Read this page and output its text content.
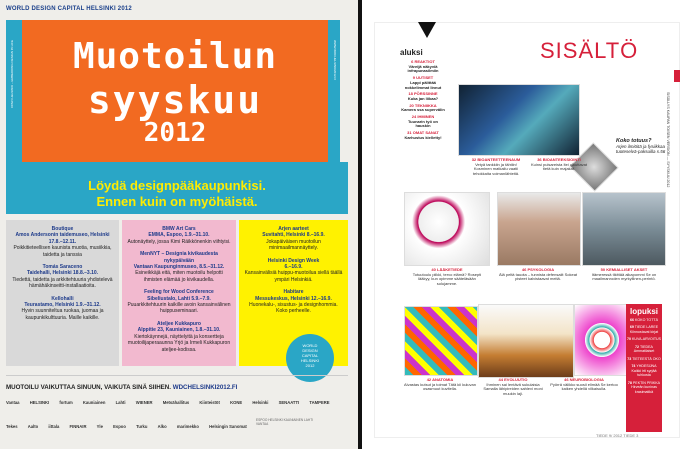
WORLD DESIGN CAPITAL HELSINKI 2012
OPEN HELSINKI – EMBEDDING DESIGN IN LIFE	WWW.WDCHELSINKI2012.FI
Muotoilun
syyskuu
2012
Löydä designpääkaupunkisi.
Ennen kuin on myöhäistä.
Boutique
Amos Andersonin taidemuseo, Helsinki 17.8.–12.11.
Poikkitieteellisen kaunista muotia, musiikkia, taidetta ja tanssia
Tomás Saraceno
Taidehalli, Helsinki 18.8.–3.10.
Tiedettä, taidetta ja arkkitehtuuria yhdistelevä hämähäkinseitti-installaatioita.
Kellohalli
Teurastamo, Helsinki 1.9.–31.12.
Hyvin suunniteltua ruokaa, juomaa ja kaupunkikulttuuria. Maille kaikille.
BMW Art Cars
EMMA, Espoo, 1.9.–31.10.
Autonäyttely, jossa Kimi Räikkönenkin viihtyisi.
MenNYT – Designia kivikaudesta nykypäivään
Vantaan Kaupunginmuseo, 8.5.–31.12.
Esineikkäjä eitä, miten muotoilu helpotti ihmisten elämää jo kivikaudella.
Feeling for Wood Conference
Sibeliustalo, Lahti 5.9.–7.9.
Puuarkkitehtuurin kaikille avoin kansainvälinen huippuseminaari.
Ateljee Kukkapuro
Alppitie 23, Kauniainen, 1.8.–31.10.
Kiertokäynnejä, näyttelyitä ja konsertteja muotoilijaperaaunna Yrjö ja Irmeli Kukkapuron ateljee-kodissa.
Arjen aarteet
Suvitahti, Helsinki 8.–16.9.
Jokapäiväisen muotoilun minimaailmannäyttely.
Helsinki Design Week
6.–16.9.
Kansainvälisiä huippu-muotoilua siellä täällä ympäri Helsinkiä.
Habitare
Messukeskus, Helsinki 12.–16.9.
Huonekalu-, sisustus- ja designhommia. Koko perheelle.
WORLD
DESIGN
CAPITAL
HELSINKI
2012
MUOTOILU VAIKUTTAA SINUUN, VAIKUTA SINÄ SIIHEN. WDCHELSINKI2012.FI
Vantaa HELSINKI fortum Kauniainen Lahti WIENER Metsähallitus Kiinteistöt KONE Helsinki SENAATTI TAMPERE
Tekes Aalto iittala FINNAIR Yle Espoo Turku Alko marimekko Helsingin Sanomat
ESPOO HELSINKI KAUNIAINEN LAHTI VANTAA
aluksi
6 REAKTIOT
Väreijä näkyviä infrapunasilmiin
9 UUTISET
Lappi pälittää nokkelimmat linnut
18 PÖRSSINNE
Kuka jan liikaa?
20 TEKNIIKKA
Kamera ssa supervälin
24 IHMINEN
Tuunarin työ on hauskin
31 OMAT SANAT
Karhustus kielletty!
SISÄLTÖ
SISÄLLYS KAUPAN TOISEN VERSION — SYYSKUU 2012
Koko totuus?
Arjen ilmiöitä ja fysiikkaa tuoteselvä-paksuilla s.56
32 BIOANTEETTEENAUM
Vetyä tankkiin ja tähtiin! Kosminen matkailu vaatii tehokkaita voimanlähteitä.
36 BIOANTEEKSIOINTI
Kuinsi pulsareista Itei ulkuttavat tietä kuin majakat.
40 LÄÄKETIEDE
Totuutoulu piikki, tervo elämä? Rosepti lääkyy, kun opimme sääteläsään solujamme.
46 PSYKOLOGIA
Älä peltä tauota – tunnista defensaiit Sokeat pisteet kalvistaavat meitä.
50 KEMIALLISET AKSET
Itämeressä tikittää aikapommi Se on maailmanroden myrkyllinen-perintö.
42 ANATOMIA
Alvastas kutsut ja toimat Tätä kii kuluvan osasmuut kuvitella.
44 EVOLUUTIO
Ihminen sai lentävä sukulaisia Samalla lähipireiden sahlevi moni muukin laji.
46 NEUROBIOLOGIA
Pyörrä välikko suosii elimää Se kertoo kaiken yhdellä vilkaisulla.
lopuksi
66 KOKO TOTTÄ

69 TIEDE LAREE
Kiinnostavat kirjat
70 KUVA-ARVOITUS

72 TIEDEA
Ammatilaiset
73 TIETEESTÄ OKO

74 YHDESIJNA
Kaikki irti syrjää tuhkosta
78 PEKTIN PRIKKA
Hirveän kuninas krasimatikä
TIEDE 9/ 2012 TIEDE 3
